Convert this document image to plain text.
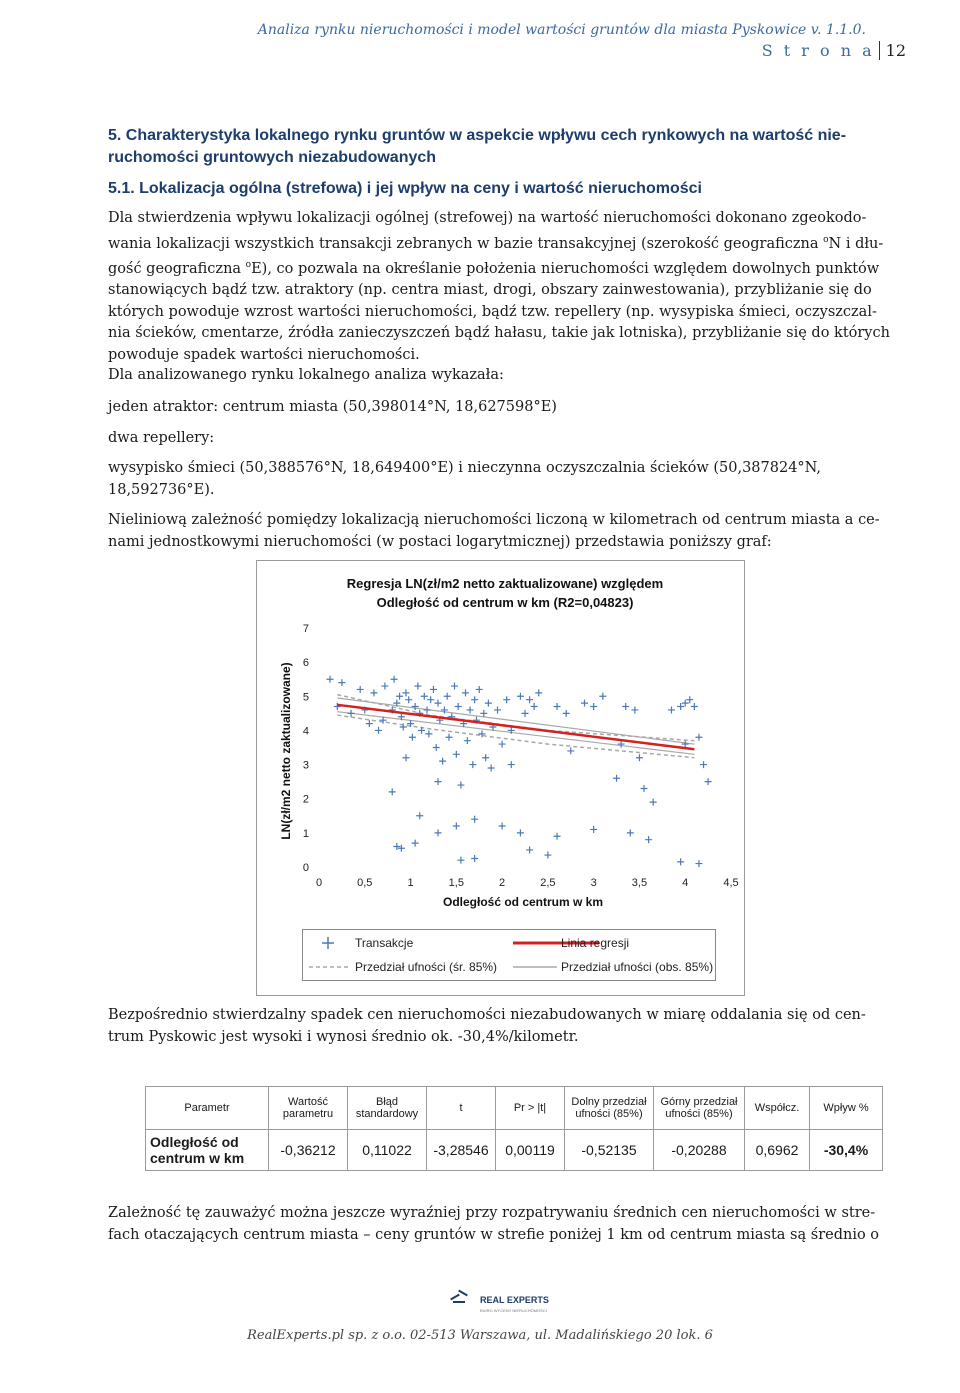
Analiza rynku nieruchomości i model wartości gruntów dla miasta Pyskowice v. 1.1.0.
S t r o n a 12
5. Charakterystyka lokalnego rynku gruntów w aspekcie wpływu cech rynkowych na wartość nie-
ruchomości gruntowych niezabudowanych
5.1. Lokalizacja ogólna (strefowa) i jej wpływ na ceny i wartość nieruchomości
Dla stwierdzenia wpływu lokalizacji ogólnej (strefowej) na wartość nieruchomości dokonano zgeokodo-
wania lokalizacji wszystkich transakcji zebranych w bazie transakcyjnej (szerokość geograficzna $^o$N i dłu-
gość geograficzna $^o$E), co pozwala na określanie położenia nieruchomości względem dowolnych punktów
stanowiących bądź tzw. atraktory (np. centra miast, drogi, obszary zainwestowania), przybliżanie się do
których powoduje wzrost wartości nieruchomości, bądź tzw. repellery (np. wysypiska śmieci, oczyszczal-
nia ścieków, cmentarze, źródła zanieczyszczeń bądź hałasu, takie jak lotniska), przybliżanie się do których
powoduje spadek wartości nieruchomości.
Dla analizowanego rynku lokalnego analiza wykazała:
jeden atraktor: centrum miasta (50,398014°N, 18,627598°E)
dwa repellery:
wysypisko śmieci (50,388576°N, 18,649400°E) i nieczynna oczyszczalnia ścieków (50,387824°N,
18,592736°E).
Nieliniową zależność pomiędzy lokalizacją nieruchomości liczoną w kilometrach od centrum miasta a ce-
nami jednostkowymi nieruchomości (w postaci logarytmicznej) przedstawia poniższy graf:
Regresja LN(zł/m2 netto zaktualizowane) względem
Odległość od centrum w km (R2=0,04823)
Odległość od centrum w km
LN(zł/m2 netto zaktualizowane)
0
1
2
3
4
5
6
7
0	0,5	1	1,5	2	2,5	3	3,5	4	4,5
Transakcje	Linia regresji
Przedział ufności (śr. 85%)	Przedział ufności (obs. 85%)
Bezpośrednio stwierdzalny spadek cen nieruchomości niezabudowanych w miarę oddalania się od cen-
trum Pyskowic jest wysoki i wynosi średnio ok. -30,4%/kilometr.
Parametr	Wartość parametru	Błąd standardowy	t	Pr > |t|	Dolny przedział ufności (85%)	Górny przedział ufności (85%)	Współcz.	Wpływ %
Odległość od centrum w km	-0,36212	0,11022	-3,28546	0,00119	-0,52135	-0,20288	0,6962	-30,4%
Zależność tę zauważyć można jeszcze wyraźniej przy rozpatrywaniu średnich cen nieruchomości w stre-
fach otaczających centrum miasta – ceny gruntów w strefie poniżej 1 km od centrum miasta są średnio o
REAL EXPERTS
BIURO WYCENY NIERUCHOMOŚCI
RealExperts.pl sp. z o.o. 02-513 Warszawa, ul. Madalińskiego 20 lok. 6
